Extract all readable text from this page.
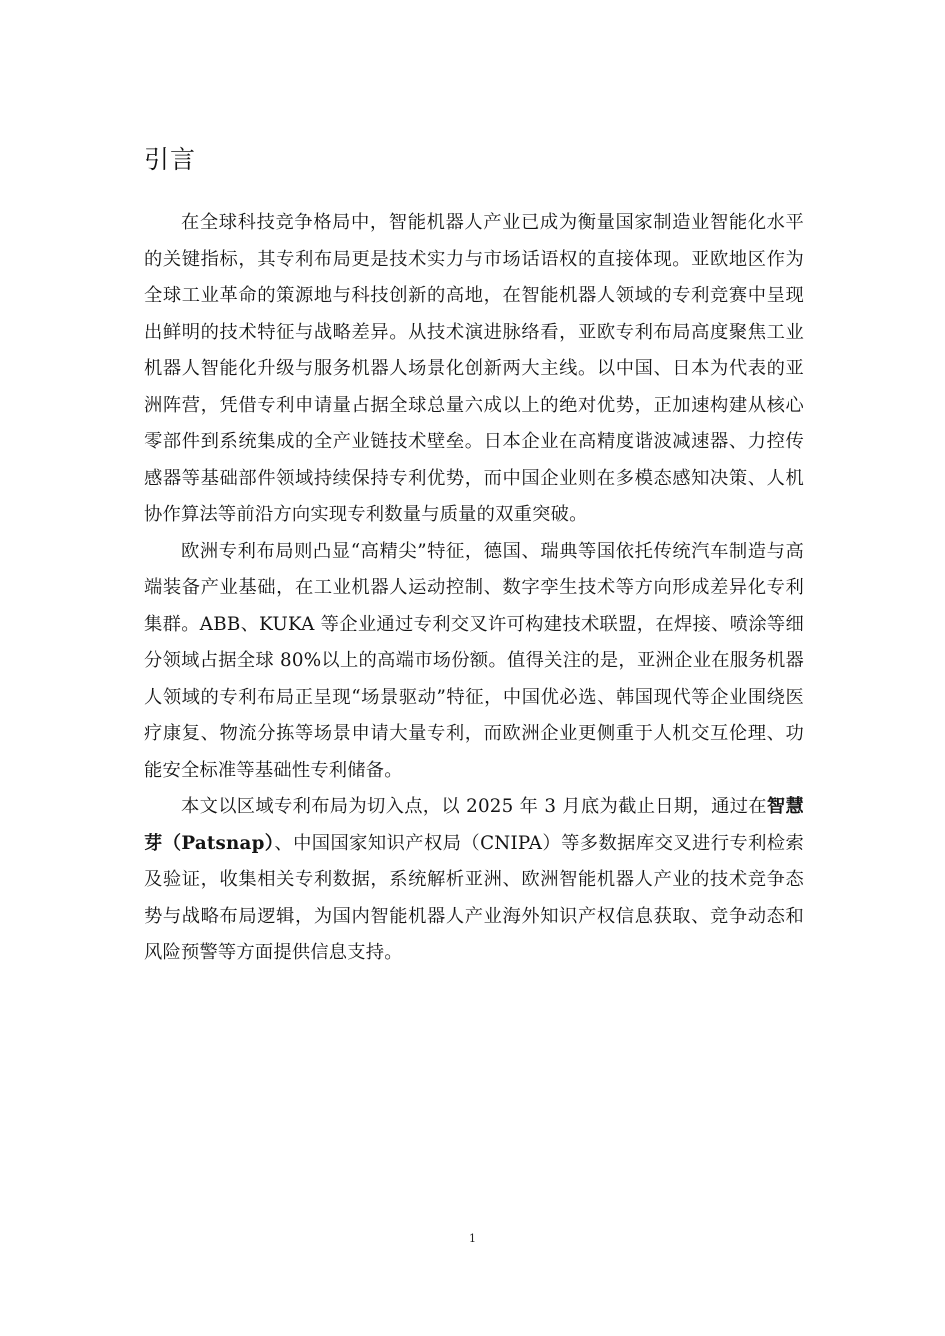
引言

在全球科技竞争格局中，智能机器人产业已成为衡量国家制造业智能化水平的关键指标，其专利布局更是技术实力与市场话语权的直接体现。亚欧地区作为全球工业革命的策源地与科技创新的高地，在智能机器人领域的专利竞赛中呈现出鲜明的技术特征与战略差异。从技术演进脉络看，亚欧专利布局高度聚焦工业机器人智能化升级与服务机器人场景化创新两大主线。以中国、日本为代表的亚洲阵营，凭借专利申请量占据全球总量六成以上的绝对优势，正加速构建从核心零部件到系统集成的全产业链技术壁垒。日本企业在高精度谐波减速器、力控传感器等基础部件领域持续保持专利优势，而中国企业则在多模态感知决策、人机协作算法等前沿方向实现专利数量与质量的双重突破。

欧洲专利布局则凸显“高精尖”特征，德国、瑞典等国依托传统汽车制造与高端装备产业基础，在工业机器人运动控制、数字孪生技术等方向形成差异化专利集群。ABB、KUKA 等企业通过专利交叉许可构建技术联盟，在焊接、喷涂等细分领域占据全球 80%以上的高端市场份额。值得关注的是，亚洲企业在服务机器人领域的专利布局正呈现“场景驱动”特征，中国优必选、韩国现代等企业围绕医疗康复、物流分拣等场景申请大量专利，而欧洲企业更侧重于人机交互伦理、功能安全标准等基础性专利储备。

本文以区域专利布局为切入点，以 2025 年 3 月底为截止日期，通过在智慧芽（Patsnap）、中国国家知识产权局（CNIPA）等多数据库交叉进行专利检索及验证，收集相关专利数据，系统解析亚洲、欧洲智能机器人产业的技术竞争态势与战略布局逻辑，为国内智能机器人产业海外知识产权信息获取、竞争动态和风险预警等方面提供信息支持。

1
